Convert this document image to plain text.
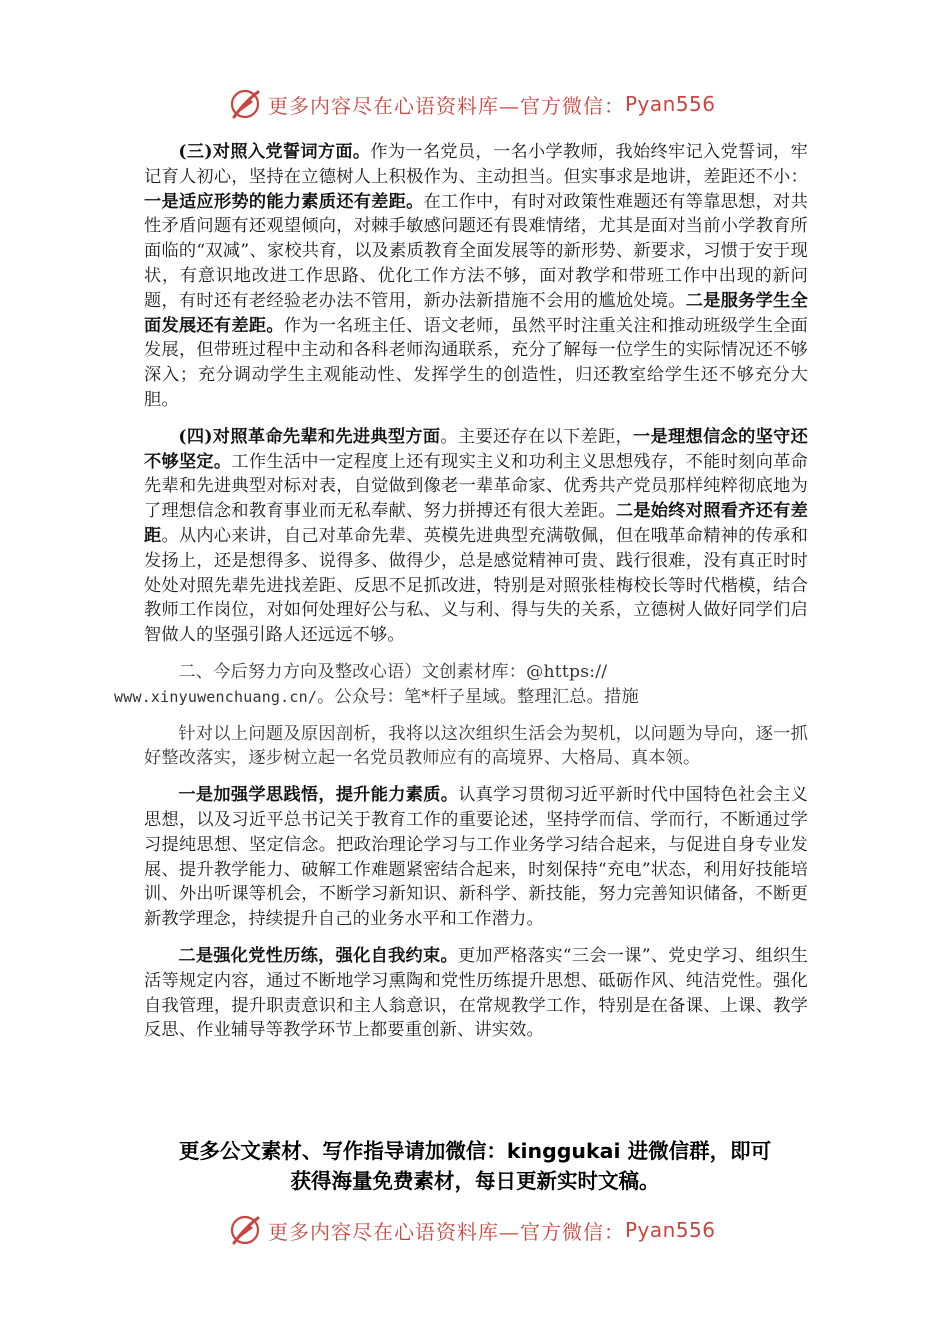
更多内容尽在心语资料库—官方微信： Pyan556

(三)对照入党誓词方面。作为一名党员，一名小学教师，我始终牢记入党誓词，牢记育人初心，坚持在立德树人上积极作为、主动担当。但实事求是地讲，差距还不小：一是适应形势的能力素质还有差距。在工作中，有时对政策性难题还有等靠思想，对共性矛盾问题有还观望倾向，对棘手敏感问题还有畏难情绪，尤其是面对当前小学教育所面临的“双减”、家校共育，以及素质教育全面发展等的新形势、新要求，习惯于安于现状，有意识地改进工作思路、优化工作方法不够，面对教学和带班工作中出现的新问题，有时还有老经验老办法不管用，新办法新措施不会用的尴尬处境。二是服务学生全面发展还有差距。作为一名班主任、语文老师，虽然平时注重关注和推动班级学生全面发展，但带班过程中主动和各科老师沟通联系，充分了解每一位学生的实际情况还不够深入；充分调动学生主观能动性、发挥学生的创造性，归还教室给学生还不够充分大胆。

(四)对照革命先辈和先进典型方面。主要还存在以下差距，一是理想信念的坚守还不够坚定。工作生活中一定程度上还有现实主义和功利主义思想残存，不能时刻向革命先辈和先进典型对标对表，自觉做到像老一辈革命家、优秀共产党员那样纯粹彻底地为了理想信念和教育事业而无私奉献、努力拼搏还有很大差距。二是始终对照看齐还有差距。从内心来讲，自己对革命先辈、英模先进典型充满敬佩，但在哦革命精神的传承和发扬上，还是想得多、说得多、做得少，总是感觉精神可贵、践行很难，没有真正时时处处对照先辈先进找差距、反思不足抓改进，特别是对照张桂梅校长等时代楷模，结合教师工作岗位，对如何处理好公与私、义与利、得与失的关系，立德树人做好同学们启智做人的坚强引路人还远远不够。

二、今后努力方向及整改心语）文创素材库：@https://
www.xinyuwenchuang.cn/。公众号：笔*杆子星域。整理汇总。措施

针对以上问题及原因剖析，我将以这次组织生活会为契机，以问题为导向，逐一抓好整改落实，逐步树立起一名党员教师应有的高境界、大格局、真本领。

一是加强学思践悟，提升能力素质。认真学习贯彻习近平新时代中国特色社会主义思想，以及习近平总书记关于教育工作的重要论述，坚持学而信、学而行，不断通过学习提纯思想、坚定信念。把政治理论学习与工作业务学习结合起来，与促进自身专业发展、提升教学能力、破解工作难题紧密结合起来，时刻保持“充电”状态，利用好技能培训、外出听课等机会，不断学习新知识、新科学、新技能，努力完善知识储备，不断更新教学理念，持续提升自己的业务水平和工作潜力。

二是强化党性历练，强化自我约束。更加严格落实“三会一课”、党史学习、组织生活等规定内容，通过不断地学习熏陶和党性历练提升思想、砥砺作风、纯洁党性。强化自我管理，提升职责意识和主人翁意识，在常规教学工作，特别是在备课、上课、教学反思、作业辅导等教学环节上都要重创新、讲实效。

更多公文素材、写作指导请加微信：kinggukai 进微信群，即可
获得海量免费素材，每日更新实时文稿。
更多内容尽在心语资料库—官方微信： Pyan556
